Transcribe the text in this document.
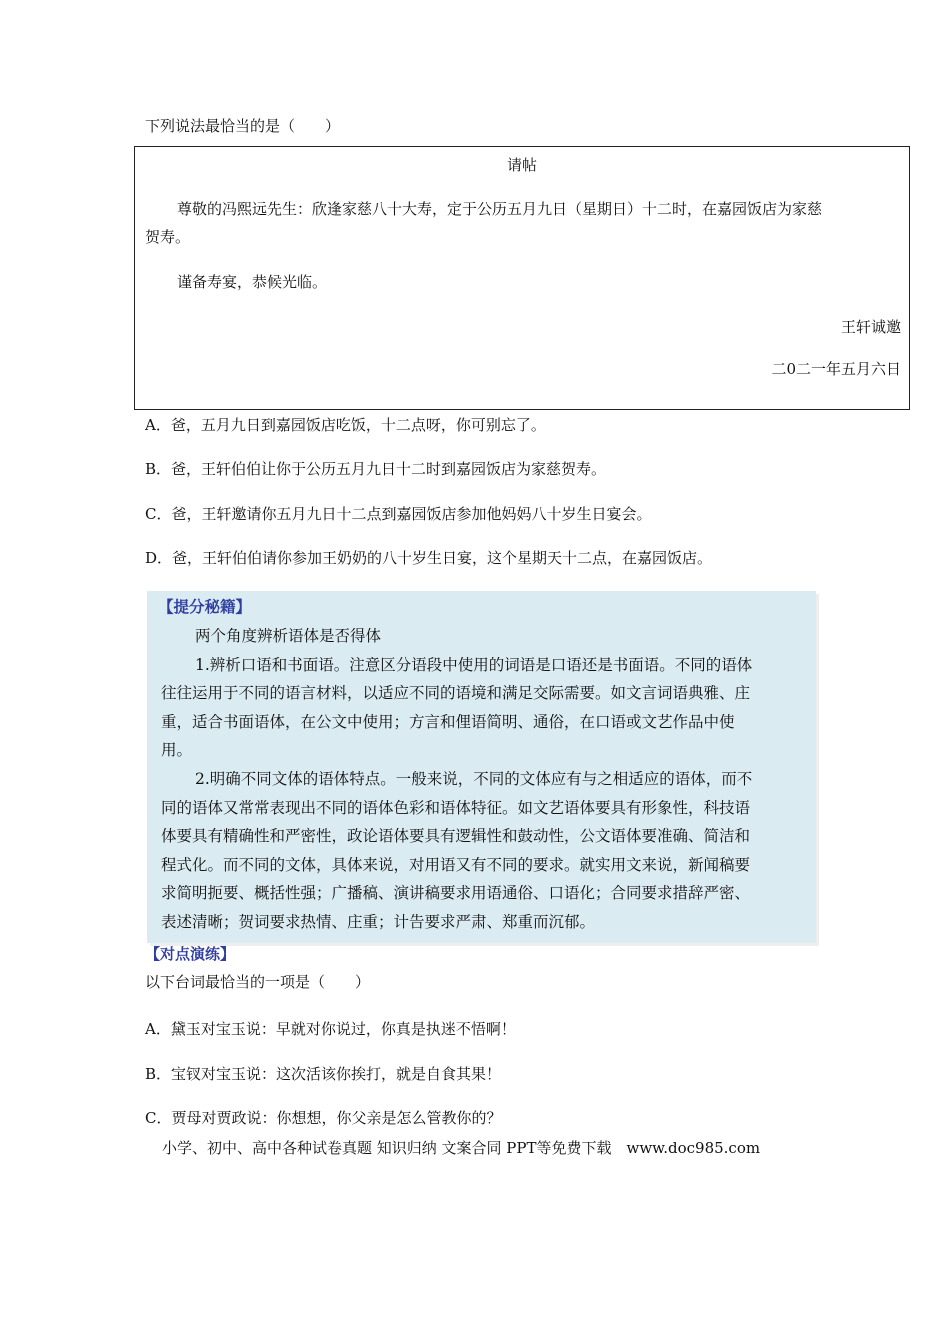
下列说法最恰当的是（　　）
请帖
尊敬的冯熙远先生：欣逢家慈八十大寿，定于公历五月九日（星期日）十二时，在嘉园饭店为家慈
贺寿。
谨备寿宴，恭候光临。
王轩诚邀
二0二一年五月六日
A．爸，五月九日到嘉园饭店吃饭，十二点呀，你可别忘了。
B．爸，王轩伯伯让你于公历五月九日十二时到嘉园饭店为家慈贺寿。
C．爸，王轩邀请你五月九日十二点到嘉园饭店参加他妈妈八十岁生日宴会。
D．爸，王轩伯伯请你参加王奶奶的八十岁生日宴，这个星期天十二点，在嘉园饭店。
【提分秘籍】
两个角度辨析语体是否得体
1.辨析口语和书面语。注意区分语段中使用的词语是口语还是书面语。不同的语体
往往运用于不同的语言材料，以适应不同的语境和满足交际需要。如文言词语典雅、庄
重，适合书面语体，在公文中使用；方言和俚语简明、通俗，在口语或文艺作品中使
用。
2.明确不同文体的语体特点。一般来说，不同的文体应有与之相适应的语体，而不
同的语体又常常表现出不同的语体色彩和语体特征。如文艺语体要具有形象性，科技语
体要具有精确性和严密性，政论语体要具有逻辑性和鼓动性，公文语体要准确、简洁和
程式化。而不同的文体，具体来说，对用语又有不同的要求。就实用文来说，新闻稿要
求简明扼要、概括性强；广播稿、演讲稿要求用语通俗、口语化；合同要求措辞严密、
表述清晰；贺词要求热情、庄重；计告要求严肃、郑重而沉郁。
【对点演练】
以下台词最恰当的一项是（　　）
A．黛玉对宝玉说：早就对你说过，你真是执迷不悟啊！
B．宝钗对宝玉说：这次活该你挨打，就是自食其果！
C．贾母对贾政说：你想想，你父亲是怎么管教你的？
小学、初中、高中各种试卷真题 知识归纳 文案合同 PPT等免费下载　www.doc985.com
